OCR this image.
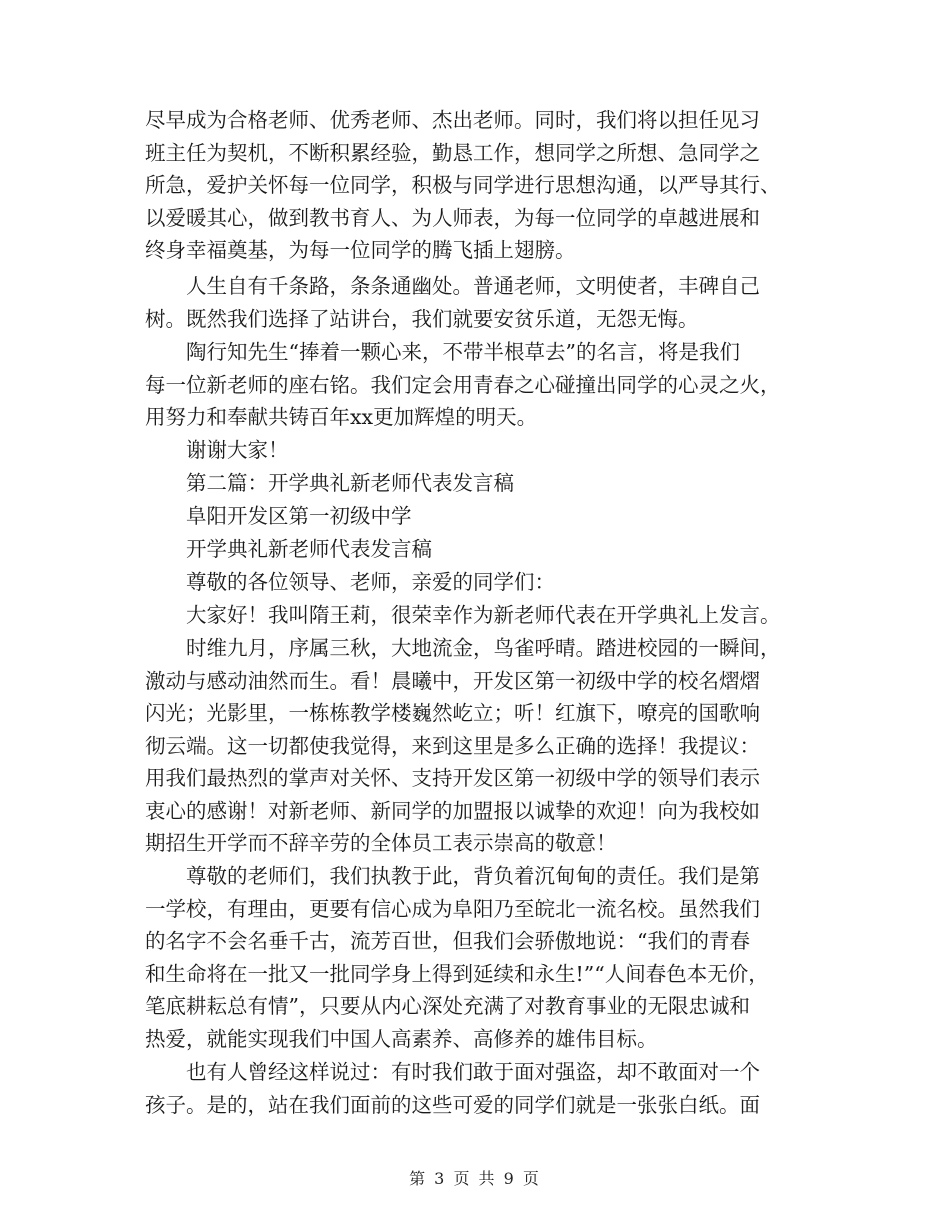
尽早成为合格老师、优秀老师、杰出老师。同时，我们将以担任见习
班主任为契机，不断积累经验，勤恳工作，想同学之所想、急同学之
所急，爱护关怀每一位同学，积极与同学进行思想沟通，以严导其行、
以爱暖其心，做到教书育人、为人师表，为每一位同学的卓越进展和
终身幸福奠基，为每一位同学的腾飞插上翅膀。
　　人生自有千条路，条条通幽处。普通老师，文明使者，丰碑自己
树。既然我们选择了站讲台，我们就要安贫乐道，无怨无悔。
　　陶行知先生“捧着一颗心来，不带半根草去”的名言，将是我们
每一位新老师的座右铭。我们定会用青春之心碰撞出同学的心灵之火，
用努力和奉献共铸百年xx更加辉煌的明天。
　　谢谢大家！
　　第二篇：开学典礼新老师代表发言稿
　　阜阳开发区第一初级中学
　　开学典礼新老师代表发言稿
　　尊敬的各位领导、老师，亲爱的同学们：
　　大家好！我叫隋王莉，很荣幸作为新老师代表在开学典礼上发言。
　　时维九月，序属三秋，大地流金，鸟雀呼晴。踏进校园的一瞬间，
激动与感动油然而生。看！晨曦中，开发区第一初级中学的校名熠熠
闪光；光影里，一栋栋教学楼巍然屹立；听！红旗下，嘹亮的国歌响
彻云端。这一切都使我觉得，来到这里是多么正确的选择！我提议：
用我们最热烈的掌声对关怀、支持开发区第一初级中学的领导们表示
衷心的感谢！对新老师、新同学的加盟报以诚挚的欢迎！向为我校如
期招生开学而不辞辛劳的全体员工表示崇高的敬意！
　　尊敬的老师们，我们执教于此，背负着沉甸甸的责任。我们是第
一学校，有理由，更要有信心成为阜阳乃至皖北一流名校。虽然我们
的名字不会名垂千古，流芳百世，但我们会骄傲地说：“我们的青春
和生命将在一批又一批同学身上得到延续和永生!”“人间春色本无价，
笔底耕耘总有情”，只要从内心深处充满了对教育事业的无限忠诚和
热爱，就能实现我们中国人高素养、高修养的雄伟目标。
　　也有人曾经这样说过：有时我们敢于面对强盗，却不敢面对一个
孩子。是的，站在我们面前的这些可爱的同学们就是一张张白纸。面
第 3 页 共 9 页
